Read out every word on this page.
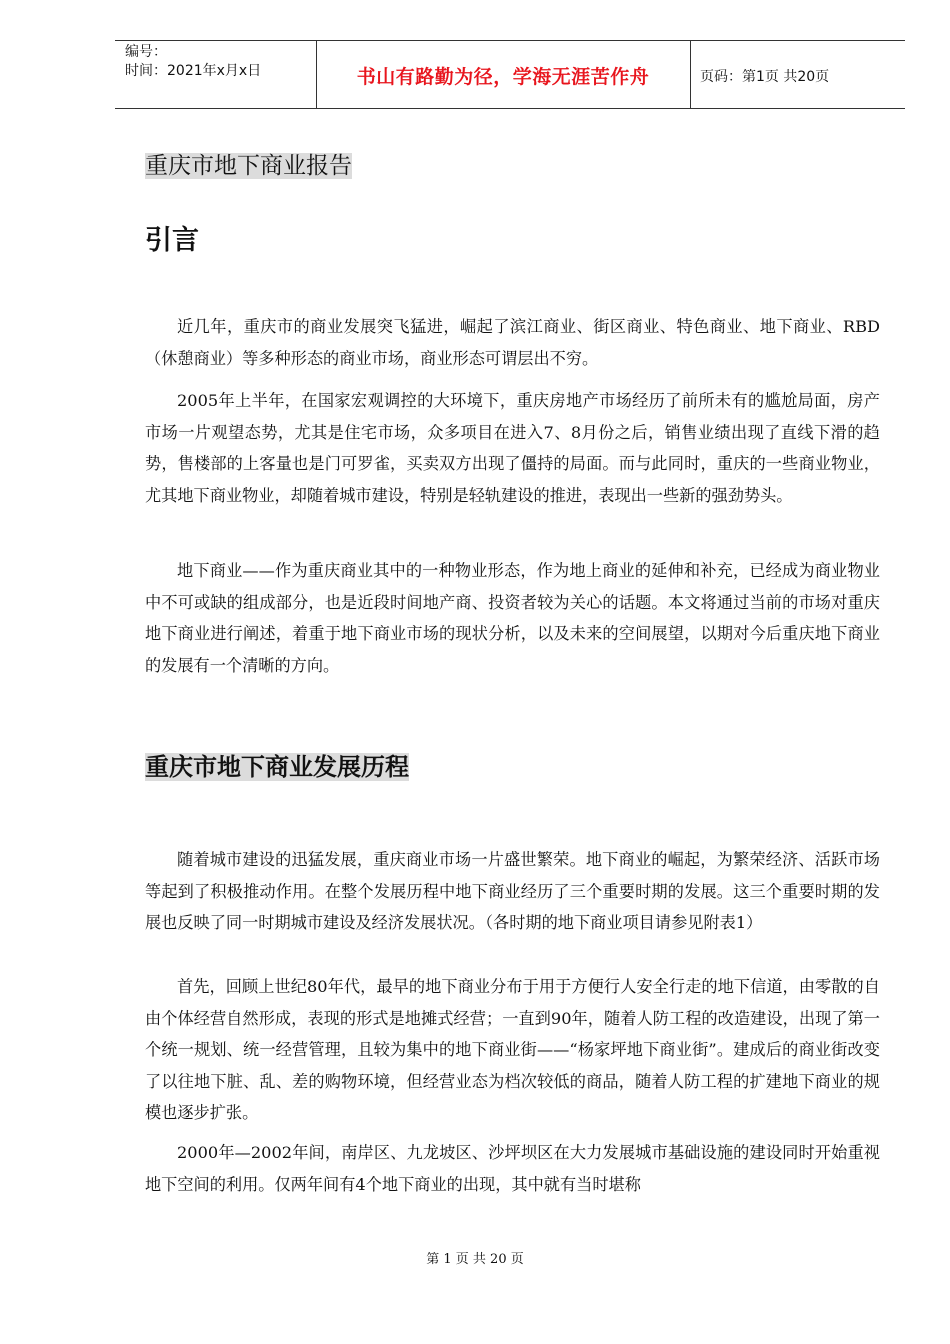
编号：
时间：2021年x月x日	书山有路勤为径，学海无涯苦作舟	页码：第1页 共20页
重庆市地下商业报告
引言
近几年，重庆市的商业发展突飞猛进，崛起了滨江商业、街区商业、特色商业、地下商业、RBD（休憩商业）等多种形态的商业市场，商业形态可谓层出不穷。
2005年上半年，在国家宏观调控的大环境下，重庆房地产市场经历了前所未有的尴尬局面，房产市场一片观望态势，尤其是住宅市场，众多项目在进入7、8月份之后，销售业绩出现了直线下滑的趋势，售楼部的上客量也是门可罗雀，买卖双方出现了僵持的局面。而与此同时，重庆的一些商业物业，尤其地下商业物业，却随着城市建设，特别是轻轨建设的推进，表现出一些新的强劲势头。
地下商业——作为重庆商业其中的一种物业形态，作为地上商业的延伸和补充，已经成为商业物业中不可或缺的组成部分，也是近段时间地产商、投资者较为关心的话题。本文将通过当前的市场对重庆地下商业进行阐述，着重于地下商业市场的现状分析，以及未来的空间展望，以期对今后重庆地下商业的发展有一个清晰的方向。
重庆市地下商业发展历程
随着城市建设的迅猛发展，重庆商业市场一片盛世繁荣。地下商业的崛起，为繁荣经济、活跃市场等起到了积极推动作用。在整个发展历程中地下商业经历了三个重要时期的发展。这三个重要时期的发展也反映了同一时期城市建设及经济发展状况。（各时期的地下商业项目请参见附表1）
首先，回顾上世纪80年代，最早的地下商业分布于用于方便行人安全行走的地下信道，由零散的自由个体经营自然形成，表现的形式是地摊式经营；一直到90年，随着人防工程的改造建设，出现了第一个统一规划、统一经营管理，且较为集中的地下商业街——“杨家坪地下商业街”。建成后的商业街改变了以往地下脏、乱、差的购物环境，但经营业态为档次较低的商品，随着人防工程的扩建地下商业的规模也逐步扩张。
2000年—2002年间，南岸区、九龙坡区、沙坪坝区在大力发展城市基础设施的建设同时开始重视地下空间的利用。仅两年间有4个地下商业的出现，其中就有当时堪称
第 1 页 共 20 页
